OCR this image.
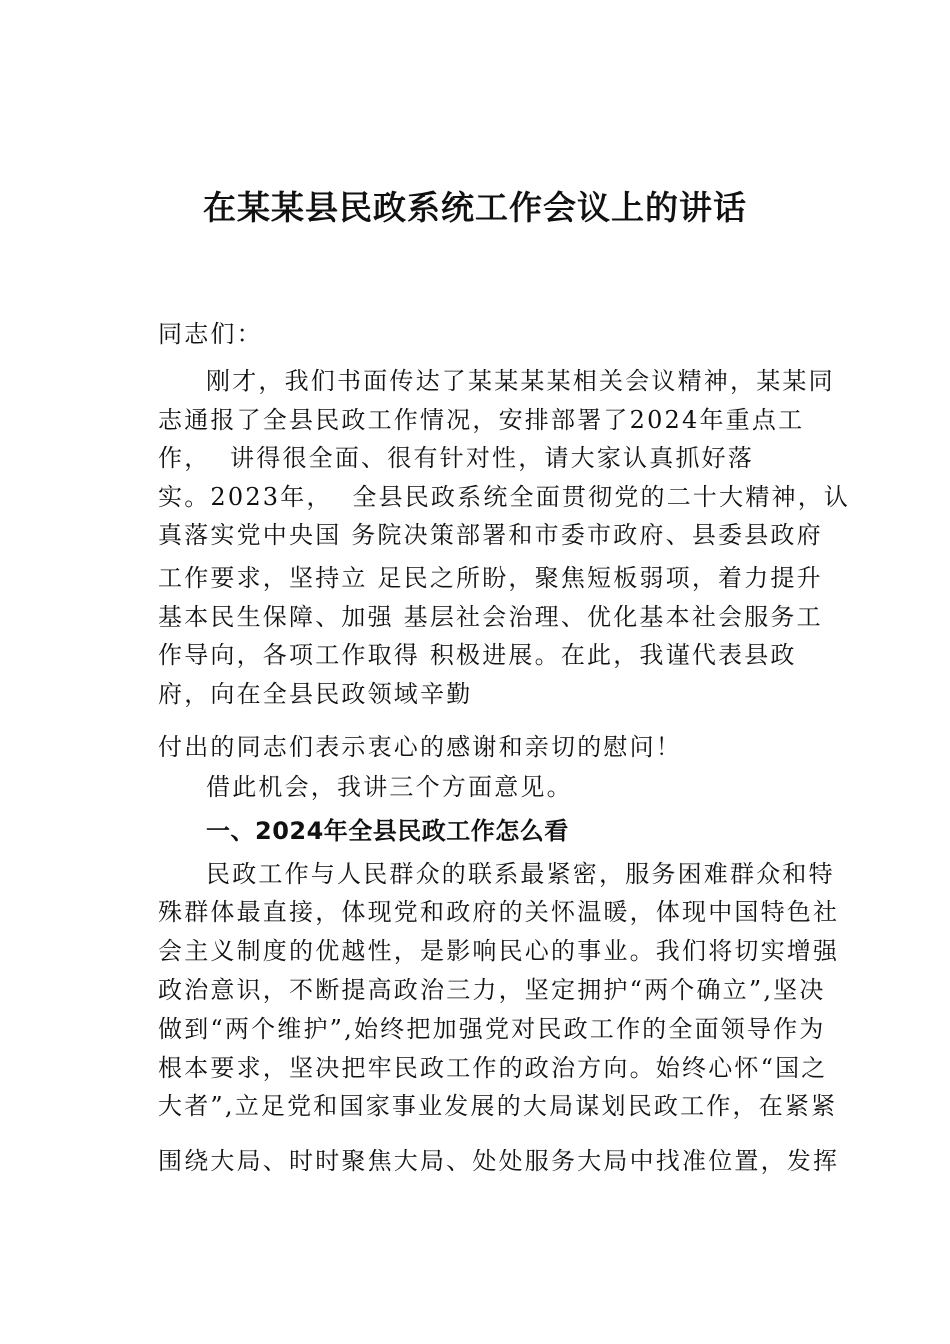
在某某县民政系统工作会议上的讲话
同志们：
刚才，我们书面传达了某某某某相关会议精神，某某同
志通报了全县民政工作情况，安排部署了2024年重点工
作，  讲得很全面、很有针对性，请大家认真抓好落
实。2023年，  全县民政系统全面贯彻党的二十大精神，认
真落实党中央国 务院决策部署和市委市政府、县委县政府
工作要求，坚持立 足民之所盼，聚焦短板弱项，着力提升
基本民生保障、加强 基层社会治理、优化基本社会服务工
作导向，各项工作取得 积极进展。在此，我谨代表县政
府，向在全县民政领域辛勤
付出的同志们表示衷心的感谢和亲切的慰问！
借此机会，我讲三个方面意见。
一、2024年全县民政工作怎么看
民政工作与人民群众的联系最紧密，服务困难群众和特
殊群体最直接，体现党和政府的关怀温暖，体现中国特色社
会主义制度的优越性，是影响民心的事业。我们将切实增强
政治意识，不断提高政治三力，坚定拥护“两个确立”,坚决
做到“两个维护”,始终把加强党对民政工作的全面领导作为
根本要求，坚决把牢民政工作的政治方向。始终心怀“国之
大者”,立足党和国家事业发展的大局谋划民政工作，在紧紧
围绕大局、时时聚焦大局、处处服务大局中找准位置，发挥
